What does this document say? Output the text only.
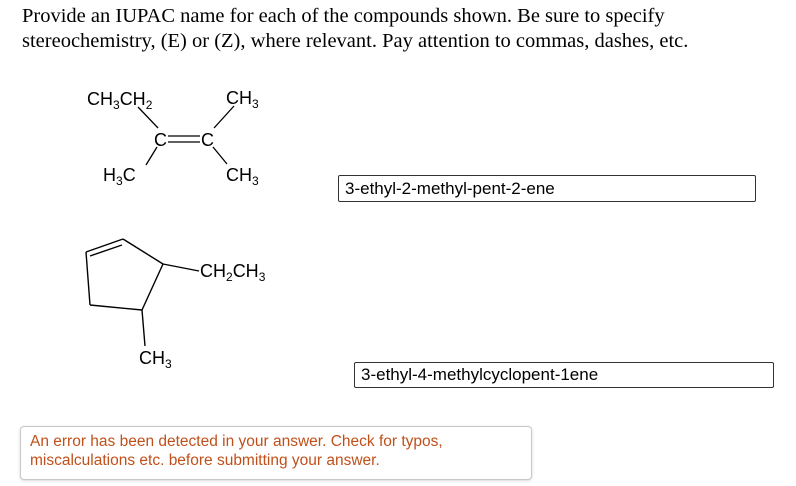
Provide an IUPAC name for each of the compounds shown. Be sure to specify
stereochemistry, (E) or (Z), where relevant. Pay attention to commas, dashes, etc.

$CH_3CH_2$	$CH_3$
C C
$H_3C$	$CH_3$
$CH_2CH_3$
$CH_3$
3-ethyl-2-methyl-pent-2-ene
3-ethyl-4-methylcyclopent-1ene
An error has been detected in your answer. Check for typos,
miscalculations etc. before submitting your answer.
